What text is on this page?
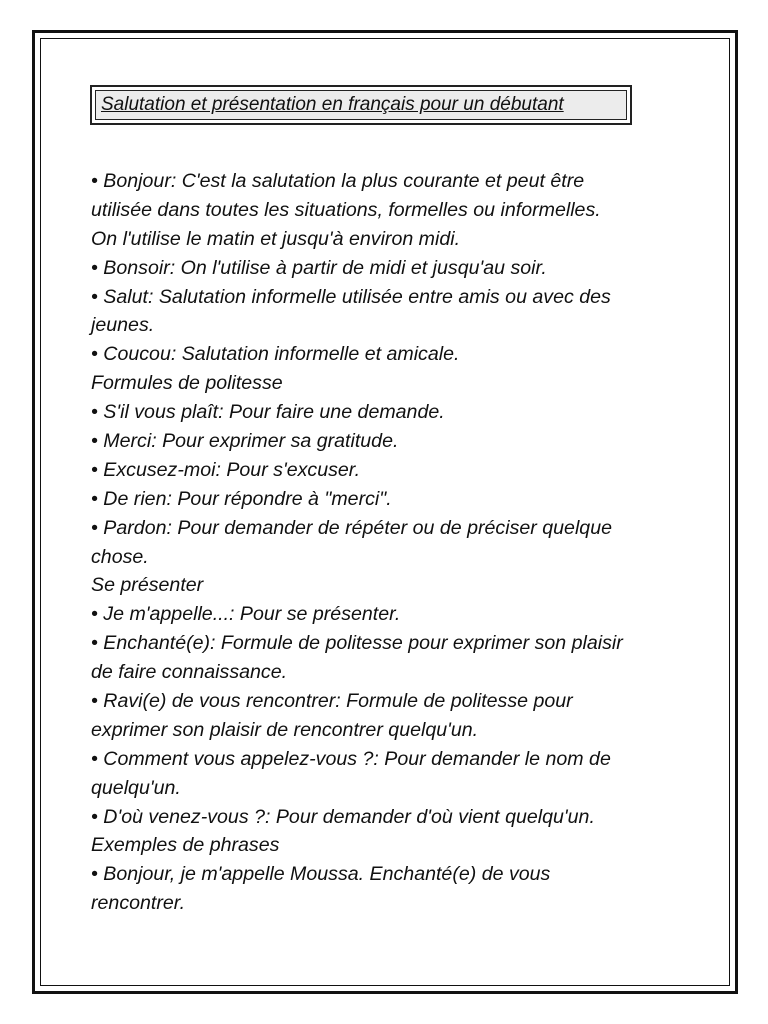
Salutation et présentation en français pour un débutant
• Bonjour: C'est la salutation la plus courante et peut être
utilisée dans toutes les situations, formelles ou informelles.
On l'utilise le matin et jusqu'à environ midi.
• Bonsoir: On l'utilise à partir de midi et jusqu'au soir.
• Salut: Salutation informelle utilisée entre amis ou avec des
jeunes.
• Coucou: Salutation informelle et amicale.
Formules de politesse
• S'il vous plaît: Pour faire une demande.
• Merci: Pour exprimer sa gratitude.
• Excusez-moi: Pour s'excuser.
• De rien: Pour répondre à "merci".
• Pardon: Pour demander de répéter ou de préciser quelque
chose.
Se présenter
• Je m'appelle...: Pour se présenter.
• Enchanté(e): Formule de politesse pour exprimer son plaisir
de faire connaissance.
• Ravi(e) de vous rencontrer: Formule de politesse pour
exprimer son plaisir de rencontrer quelqu'un.
• Comment vous appelez-vous ?: Pour demander le nom de
quelqu'un.
• D'où venez-vous ?: Pour demander d'où vient quelqu'un.
Exemples de phrases
• Bonjour, je m'appelle Moussa. Enchanté(e) de vous
rencontrer.
